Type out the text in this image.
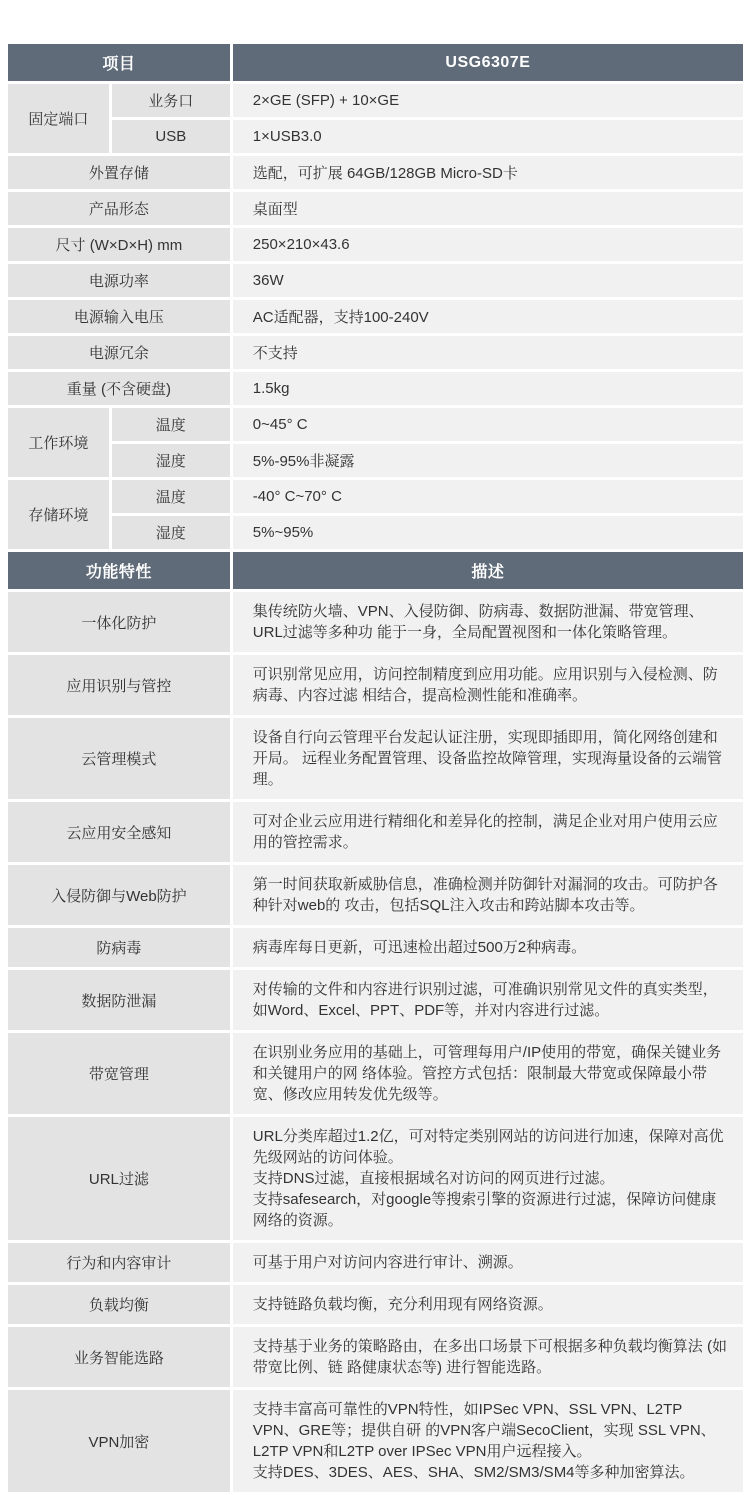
项目		USG6307E
固定端口	业务口	2×GE (SFP) + 10×GE
	USB	1×USB3.0
外置存储		选配，可扩展 64GB/128GB Micro-SD卡
产品形态		桌面型
尺寸 (W×D×H) mm		250×210×43.6
电源功率		36W
电源输入电压		AC适配器，支持100-240V
电源冗余		不支持
重量 (不含硬盘)		1.5kg
工作环境	温度	0~45° C
	湿度	5%-95%非凝露
存储环境	温度	-40° C~70° C
	湿度	5%~95%
功能特性		描述
一体化防护		集传统防火墙、VPN、入侵防御、防病毒、数据防泄漏、带宽管理、URL过滤等多种功 能于一身，全局配置视图和一体化策略管理。

应用识别与管控		可识别常见应用，访问控制精度到应用功能。应用识别与入侵检测、防病毒、内容过滤 相结合，提高检测性能和准确率。

云管理模式		设备自行向云管理平台发起认证注册，实现即插即用，简化网络创建和开局。 远程业务配置管理、设备监控故障管理，实现海量设备的云端管理。

云应用安全感知		可对企业云应用进行精细化和差异化的控制，满足企业对用户使用云应用的管控需求。

入侵防御与Web防护		第一时间获取新威胁信息，准确检测并防御针对漏洞的攻击。可防护各种针对web的 攻击，包括SQL注入攻击和跨站脚本攻击等。

防病毒		病毒库每日更新，可迅速检出超过500万2种病毒。

数据防泄漏		对传输的文件和内容进行识别过滤，可准确识别常见文件的真实类型，如Word、Excel、PPT、PDF等，并对内容进行过滤。

带宽管理		在识别业务应用的基础上，可管理每用户/IP使用的带宽，确保关键业务和关键用户的网 络体验。管控方式包括：限制最大带宽或保障最小带宽、修改应用转发优先级等。

URL过滤		URL分类库超过1.2亿，可对特定类别网站的访问进行加速，保障对高优先级网站的访问体验。
支持DNS过滤，直接根据域名对访问的网页进行过滤。
支持safesearch，对google等搜索引擎的资源进行过滤，保障访问健康网络的资源。

行为和内容审计		可基于用户对访问内容进行审计、溯源。

负载均衡		支持链路负载均衡，充分利用现有网络资源。

业务智能选路		支持基于业务的策略路由，在多出口场景下可根据多种负载均衡算法 (如带宽比例、链 路健康状态等) 进行智能选路。

VPN加密		支持丰富高可靠性的VPN特性，如IPSec VPN、SSL VPN、L2TP VPN、GRE等；提供自研 的VPN客户端SecoClient，实现 SSL VPN、L2TP VPN和L2TP over IPSec VPN用户远程接入。
支持DES、3DES、AES、SHA、SM2/SM3/SM4等多种加密算法。
